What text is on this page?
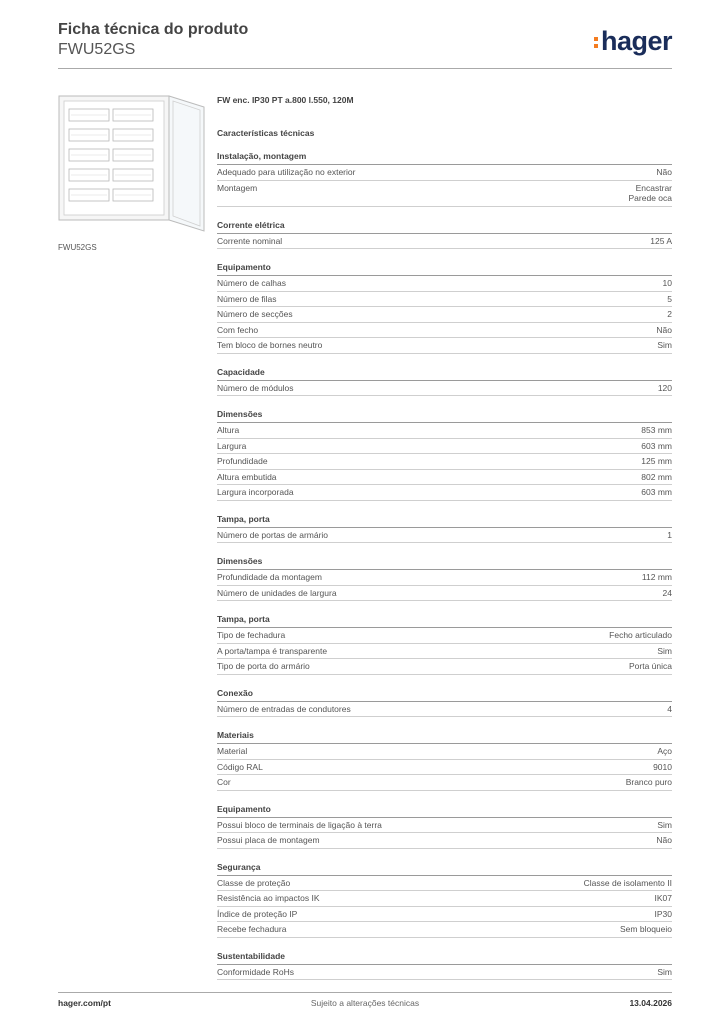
Ficha técnica do produto
FWU52GS	hager
FWU52GS
FW enc. IP30 PT a.800 l.550, 120M
Características técnicas
Instalação, montagem
Adequado para utilização no exterior	Não
Montagem	Encastrar
Parede oca
Corrente elétrica
Corrente nominal	125 A
Equipamento
Número de calhas	10
Número de filas	5
Número de secções	2
Com fecho	Não
Tem bloco de bornes neutro	Sim
Capacidade
Número de módulos	120
Dimensões
Altura	853 mm
Largura	603 mm
Profundidade	125 mm
Altura embutida	802 mm
Largura incorporada	603 mm
Tampa, porta
Número de portas de armário	1
Dimensões
Profundidade da montagem	112 mm
Número de unidades de largura	24
Tampa, porta
Tipo de fechadura	Fecho articulado
A porta/tampa é transparente	Sim
Tipo de porta do armário	Porta única
Conexão
Número de entradas de condutores	4
Materiais
Material	Aço
Código RAL	9010
Cor	Branco puro
Equipamento
Possui bloco de terminais de ligação à terra	Sim
Possui placa de montagem	Não
Segurança
Classe de proteção	Classe de isolamento II
Resistência ao impactos IK	IK07
Índice de proteção IP	IP30
Recebe fechadura	Sem bloqueio
Sustentabilidade
Conformidade RoHs	Sim
hager.com/pt	Sujeito a alterações técnicas	13.04.2026
